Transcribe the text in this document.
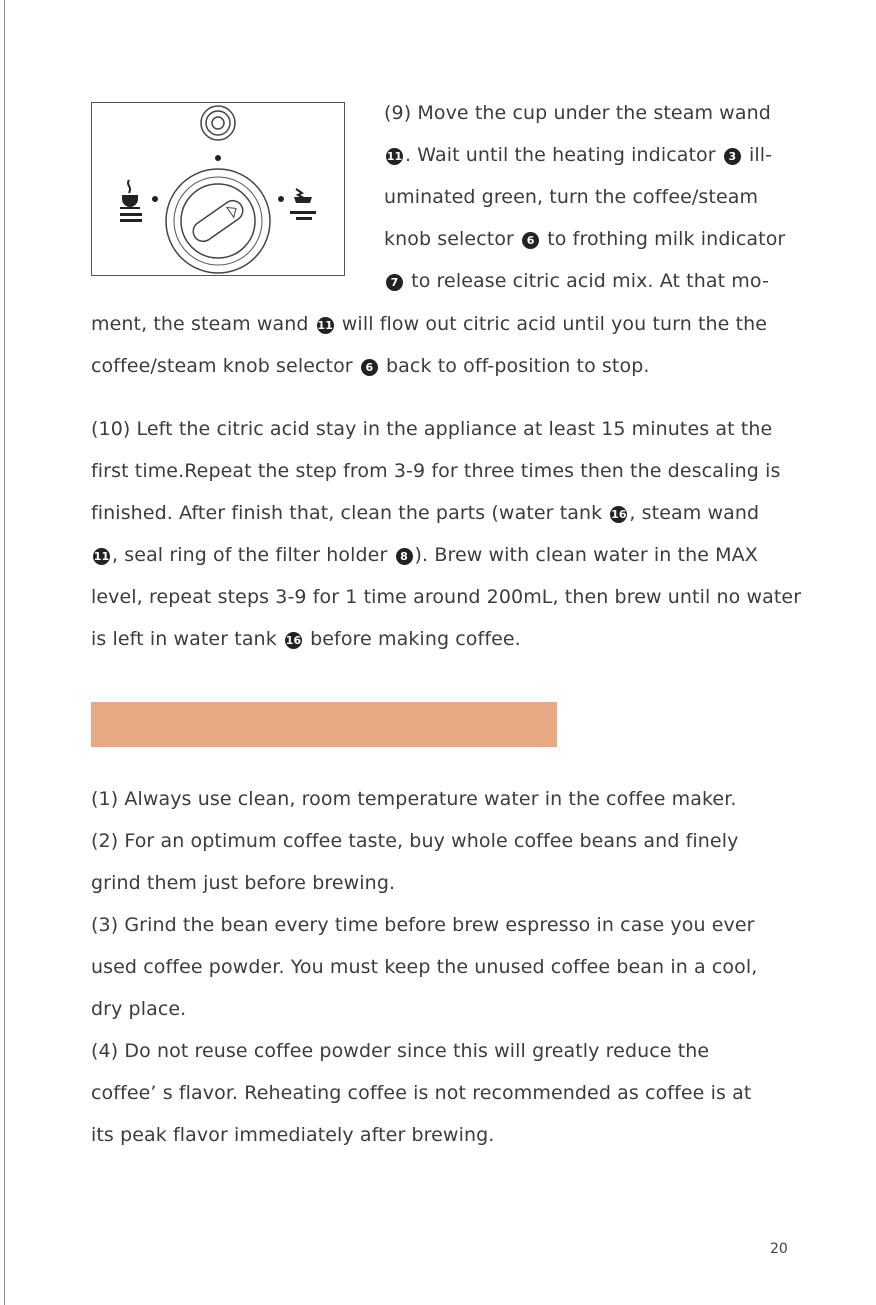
(9) Move the cup under the steam wand
11 . Wait until the heating indicator 3 ill-
uminated green, turn the coffee/steam
knob selector 6 to frothing milk indicator
7 to release citric acid mix. At that mo-
ment, the steam wand 11 will flow out citric acid until you turn the the
coffee/steam knob selector 6 back to off-position to stop.
(10) Left the citric acid stay in the appliance at least 15 minutes at the
first time.Repeat the step from 3-9 for three times then the descaling is
finished. After finish that, clean the parts (water tank 16 , steam wand
11 , seal ring of the filter holder 8 ). Brew with clean water in the MAX
level, repeat steps 3-9 for 1 time around 200mL, then brew until no water
is left in water tank 16 before making coffee.
(1) Always use clean, room temperature water in the coffee maker.
(2) For an optimum coffee taste, buy whole coffee beans and finely
grind them just before brewing.
(3) Grind the bean every time before brew espresso in case you ever
used coffee powder. You must keep the unused coffee bean in a cool,
dry place.
(4) Do not reuse coffee powder since this will greatly reduce the
coffee’ s flavor. Reheating coffee is not recommended as coffee is at
its peak flavor immediately after brewing.
20
